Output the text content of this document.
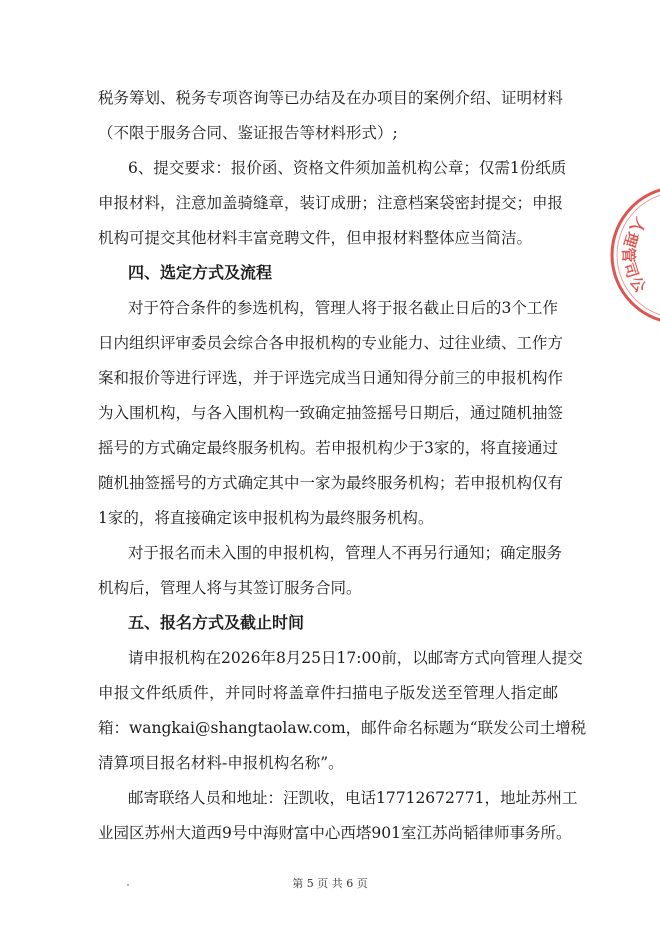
税务筹划、税务专项咨询等已办结及在办项目的案例介绍、证明材料
（不限于服务合同、鉴证报告等材料形式）;
6、提交要求：报价函、资格文件须加盖机构公章；仅需1份纸质
申报材料，注意加盖骑缝章，装订成册；注意档案袋密封提交；申报
机构可提交其他材料丰富竞聘文件，但申报材料整体应当简洁。
四、选定方式及流程
对于符合条件的参选机构，管理人将于报名截止日后的3个工作
日内组织评审委员会综合各申报机构的专业能力、过往业绩、工作方
案和报价等进行评选，并于评选完成当日通知得分前三的申报机构作
为入围机构，与各入围机构一致确定抽签摇号日期后，通过随机抽签
摇号的方式确定最终服务机构。若申报机构少于3家的，将直接通过
随机抽签摇号的方式确定其中一家为最终服务机构；若申报机构仅有
1家的，将直接确定该申报机构为最终服务机构。
对于报名而未入围的申报机构，管理人不再另行通知；确定服务
机构后，管理人将与其签订服务合同。
五、报名方式及截止时间
请申报机构在2026年8月25日17:00前，以邮寄方式向管理人提交
申报文件纸质件，并同时将盖章件扫描电子版发送至管理人指定邮
箱：wangkai@shangtaolaw.com，邮件命名标题为“联发公司土增税
清算项目报名材料-申报机构名称”。
邮寄联络人员和地址：汪凯收，电话17712672771，地址苏州工
业园区苏州大道西9号中海财富中心西塔901室江苏尚韬律师事务所。
第 5 页 共 6 页
公
司
管
理
人
